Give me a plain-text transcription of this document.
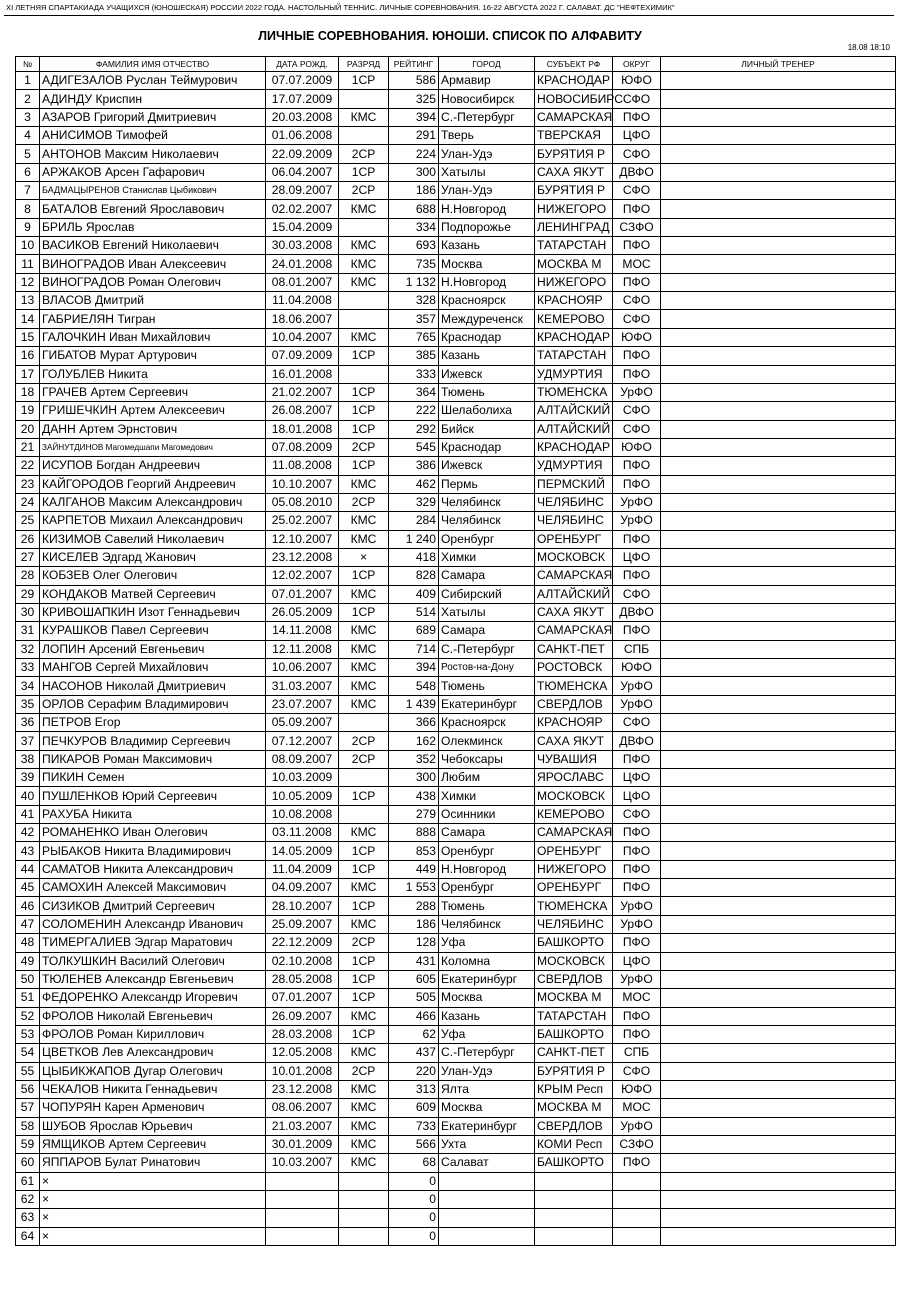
XI ЛЕТНЯЯ СПАРТАКИАДА УЧАЩИХСЯ (ЮНОШЕСКАЯ) РОССИИ 2022 ГОДА. НАСТОЛЬНЫЙ ТЕННИС. ЛИЧНЫЕ СОРЕВНОВАНИЯ. 16-22 АВГУСТА 2022 Г. САЛАВАТ. ДС "НЕФТЕХИМИК"
ЛИЧНЫЕ СОРЕВНОВАНИЯ. ЮНОШИ. СПИСОК ПО АЛФАВИТУ
18.08 18:10
№	ФАМИЛИЯ ИМЯ ОТЧЕСТВО	ДАТА РОЖД.	РАЗРЯД	РЕЙТИНГ	ГОРОД	СУБЪЕКТ РФ	ОКРУГ	ЛИЧНЫЙ ТРЕНЕР
1	АДИГЕЗАЛОВ Руслан Теймурович	07.07.2009	1СР	586	Армавир	КРАСНОДАР	ЮФО	
2	АДИНДУ Криспин	17.07.2009		325	Новосибирск	НОВОСИБИРС	СФО	
3	АЗАРОВ Григорий Дмитриевич	20.03.2008	КМС	394	С.-Петербург	САМАРСКАЯ	ПФО	
4	АНИСИМОВ Тимофей	01.06.2008		291	Тверь	ТВЕРСКАЯ	ЦФО	
5	АНТОНОВ Максим Николаевич	22.09.2009	2СР	224	Улан-Удэ	БУРЯТИЯ Р	СФО	
6	АРЖАКОВ Арсен Гафарович	06.04.2007	1СР	300	Хатылы	САХА ЯКУТ	ДВФО	
7	БАДМАЦЫРЕНОВ Станислав Цыбикович	28.09.2007	2СР	186	Улан-Удэ	БУРЯТИЯ Р	СФО	
8	БАТАЛОВ Евгений Ярославович	02.02.2007	КМС	688	Н.Новгород	НИЖЕГОРО	ПФО	
9	БРИЛЬ Ярослав	15.04.2009		334	Подпорожье	ЛЕНИНГРАД	СЗФО	
10	ВАСИКОВ Евгений Николаевич	30.03.2008	КМС	693	Казань	ТАТАРСТАН	ПФО	
11	ВИНОГРАДОВ Иван Алексеевич	24.01.2008	КМС	735	Москва	МОСКВА М	МОС	
12	ВИНОГРАДОВ Роман Олегович	08.01.2007	КМС	1 132	Н.Новгород	НИЖЕГОРО	ПФО	
13	ВЛАСОВ Дмитрий	11.04.2008		328	Красноярск	КРАСНОЯР	СФО	
14	ГАБРИЕЛЯН Тигран	18.06.2007		357	Междуреченск	КЕМЕРОВО	СФО	
15	ГАЛОЧКИН Иван Михайлович	10.04.2007	КМС	765	Краснодар	КРАСНОДАР	ЮФО	
16	ГИБАТОВ Мурат Артурович	07.09.2009	1СР	385	Казань	ТАТАРСТАН	ПФО	
17	ГОЛУБЛЕВ Никита	16.01.2008		333	Ижевск	УДМУРТИЯ	ПФО	
18	ГРАЧЕВ Артем Сергеевич	21.02.2007	1СР	364	Тюмень	ТЮМЕНСКА	УрФО	
19	ГРИШЕЧКИН Артем Алексеевич	26.08.2007	1СР	222	Шелаболиха	АЛТАЙСКИЙ	СФО	
20	ДАНН Артем Эрнстович	18.01.2008	1СР	292	Бийск	АЛТАЙСКИЙ	СФО	
21	ЗАЙНУТДИНОВ Магомедшапи Магомедович	07.08.2009	2СР	545	Краснодар	КРАСНОДАР	ЮФО	
22	ИСУПОВ Богдан Андреевич	11.08.2008	1СР	386	Ижевск	УДМУРТИЯ	ПФО	
23	КАЙГОРОДОВ Георгий Андреевич	10.10.2007	КМС	462	Пермь	ПЕРМСКИЙ	ПФО	
24	КАЛГАНОВ Максим Александрович	05.08.2010	2СР	329	Челябинск	ЧЕЛЯБИНС	УрФО	
25	КАРПЕТОВ Михаил Александрович	25.02.2007	КМС	284	Челябинск	ЧЕЛЯБИНС	УрФО	
26	КИЗИМОВ Савелий Николаевич	12.10.2007	КМС	1 240	Оренбург	ОРЕНБУРГ	ПФО	
27	КИСЕЛЕВ Эдгард Жанович	23.12.2008	×	418	Химки	МОСКОВСК	ЦФО	
28	КОБЗЕВ Олег Олегович	12.02.2007	1СР	828	Самара	САМАРСКАЯ	ПФО	
29	КОНДАКОВ Матвей Сергеевич	07.01.2007	КМС	409	Сибирский	АЛТАЙСКИЙ	СФО	
30	КРИВОШАПКИН Изот Геннадьевич	26.05.2009	1СР	514	Хатылы	САХА ЯКУТ	ДВФО	
31	КУРАШКОВ Павел Сергеевич	14.11.2008	КМС	689	Самара	САМАРСКАЯ	ПФО	
32	ЛОПИН Арсений Евгеньевич	12.11.2008	КМС	714	С.-Петербург	САНКТ-ПЕТ	СПБ	
33	МАНГОВ Сергей Михайлович	10.06.2007	КМС	394	Ростов-на-Дону	РОСТОВСК	ЮФО	
34	НАСОНОВ Николай Дмитриевич	31.03.2007	КМС	548	Тюмень	ТЮМЕНСКА	УрФО	
35	ОРЛОВ Серафим Владимирович	23.07.2007	КМС	1 439	Екатеринбург	СВЕРДЛОВ	УрФО	
36	ПЕТРОВ Егор	05.09.2007		366	Красноярск	КРАСНОЯР	СФО	
37	ПЕЧКУРОВ Владимир Сергеевич	07.12.2007	2СР	162	Олекминск	САХА ЯКУТ	ДВФО	
38	ПИКАРОВ Роман Максимович	08.09.2007	2СР	352	Чебоксары	ЧУВАШИЯ	ПФО	
39	ПИКИН Семен	10.03.2009		300	Любим	ЯРОСЛАВС	ЦФО	
40	ПУШЛЕНКОВ Юрий Сергеевич	10.05.2009	1СР	438	Химки	МОСКОВСК	ЦФО	
41	РАХУБА Никита	10.08.2008		279	Осинники	КЕМЕРОВО	СФО	
42	РОМАНЕНКО Иван Олегович	03.11.2008	КМС	888	Самара	САМАРСКАЯ	ПФО	
43	РЫБАКОВ Никита Владимирович	14.05.2009	1СР	853	Оренбург	ОРЕНБУРГ	ПФО	
44	САМАТОВ Никита Александрович	11.04.2009	1СР	449	Н.Новгород	НИЖЕГОРО	ПФО	
45	САМОХИН Алексей Максимович	04.09.2007	КМС	1 553	Оренбург	ОРЕНБУРГ	ПФО	
46	СИЗИКОВ Дмитрий Сергеевич	28.10.2007	1СР	288	Тюмень	ТЮМЕНСКА	УрФО	
47	СОЛОМЕНИН Александр Иванович	25.09.2007	КМС	186	Челябинск	ЧЕЛЯБИНС	УрФО	
48	ТИМЕРГАЛИЕВ Эдгар Маратович	22.12.2009	2СР	128	Уфа	БАШКОРТО	ПФО	
49	ТОЛКУШКИН Василий Олегович	02.10.2008	1СР	431	Коломна	МОСКОВСК	ЦФО	
50	ТЮЛЕНЕВ Александр Евгеньевич	28.05.2008	1СР	605	Екатеринбург	СВЕРДЛОВ	УрФО	
51	ФЕДОРЕНКО Александр Игоревич	07.01.2007	1СР	505	Москва	МОСКВА М	МОС	
52	ФРОЛОВ Николай Евгеньевич	26.09.2007	КМС	466	Казань	ТАТАРСТАН	ПФО	
53	ФРОЛОВ Роман Кириллович	28.03.2008	1СР	62	Уфа	БАШКОРТО	ПФО	
54	ЦВЕТКОВ Лев Александрович	12.05.2008	КМС	437	С.-Петербург	САНКТ-ПЕТ	СПБ	
55	ЦЫБИКЖАПОВ Дугар Олегович	10.01.2008	2СР	220	Улан-Удэ	БУРЯТИЯ Р	СФО	
56	ЧЕКАЛОВ Никита Геннадьевич	23.12.2008	КМС	313	Ялта	КРЫМ Респ	ЮФО	
57	ЧОПУРЯН Карен Арменович	08.06.2007	КМС	609	Москва	МОСКВА М	МОС	
58	ШУБОВ Ярослав Юрьевич	21.03.2007	КМС	733	Екатеринбург	СВЕРДЛОВ	УрФО	
59	ЯМЩИКОВ Артем Сергеевич	30.01.2009	КМС	566	Ухта	КОМИ Респ	СЗФО	
60	ЯППАРОВ Булат Ринатович	10.03.2007	КМС	68	Салават	БАШКОРТО	ПФО	
61	×			0				
62	×			0				
63	×			0				
64	×			0				
